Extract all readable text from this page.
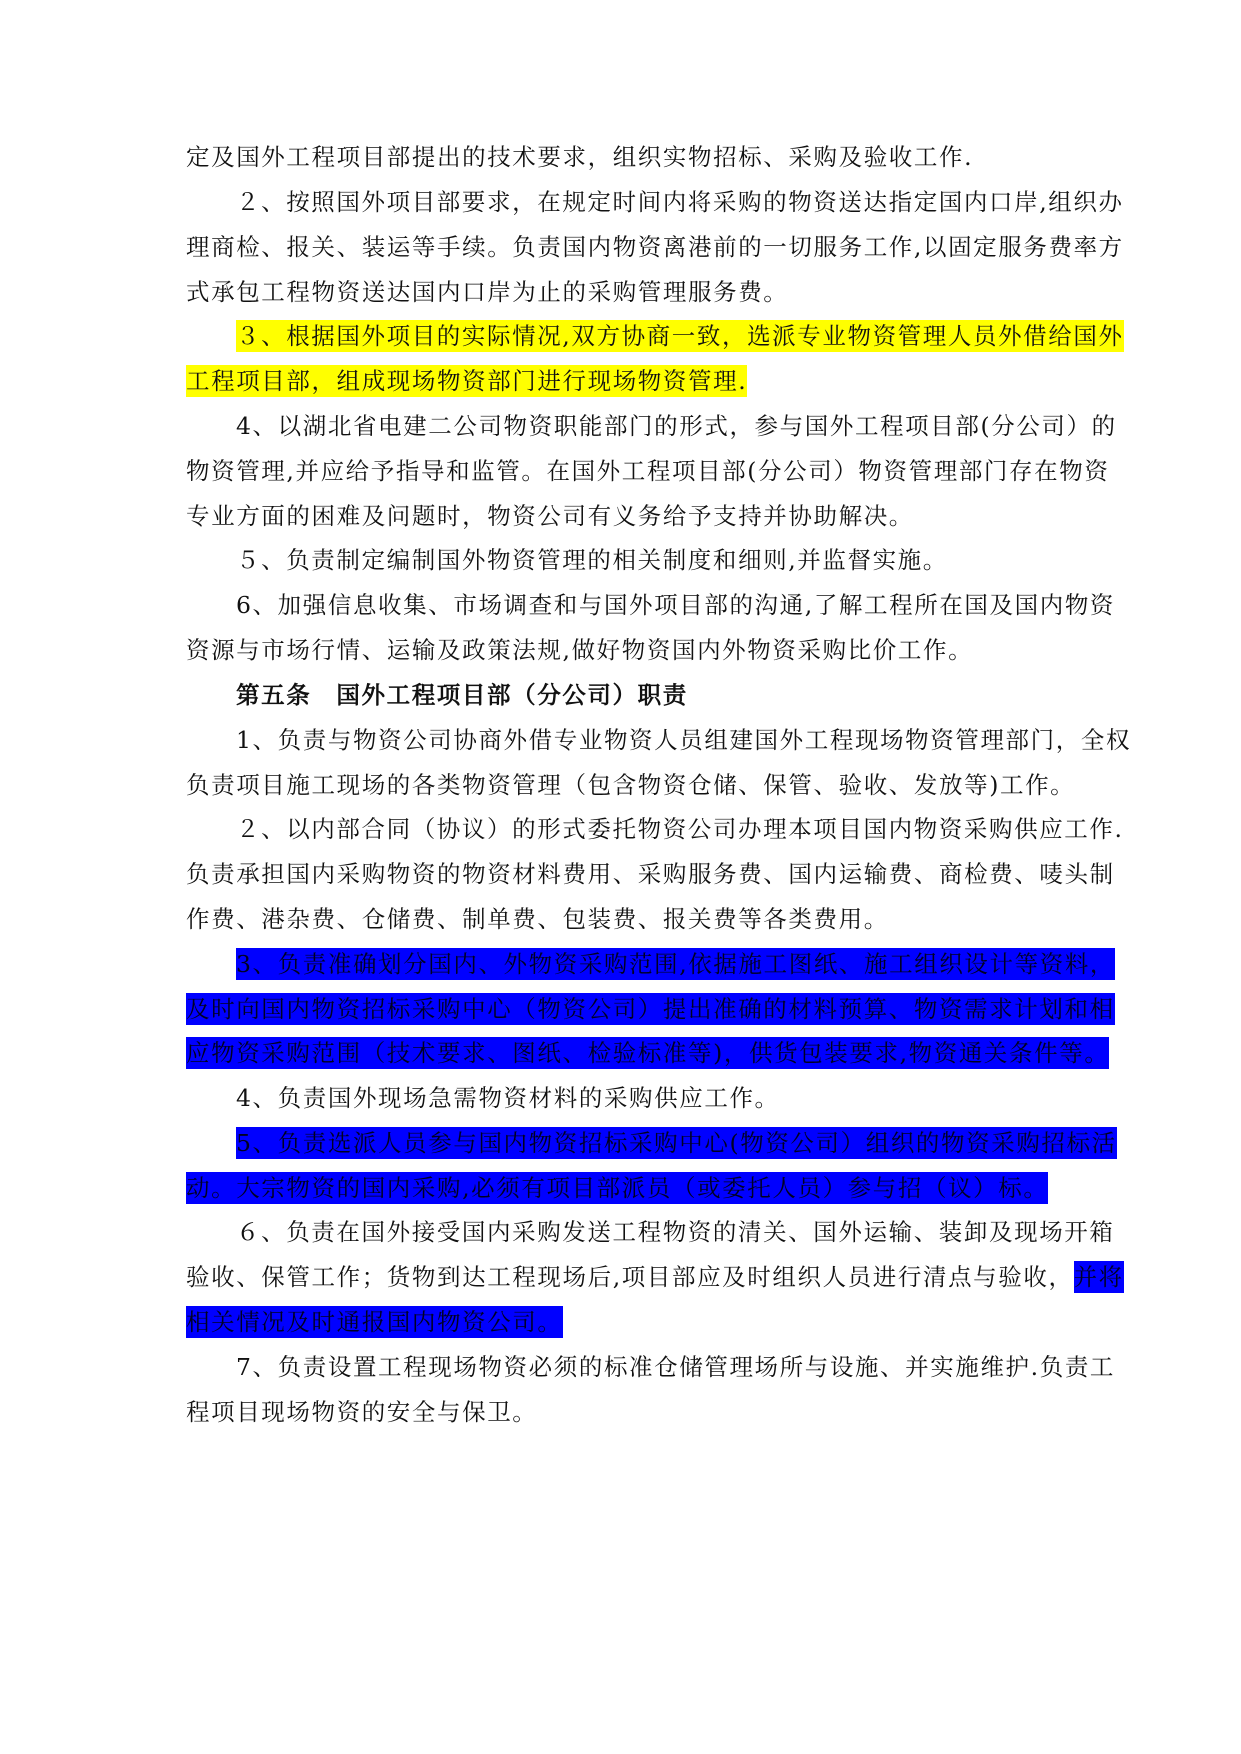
定及国外工程项目部提出的技术要求，组织实物招标、采购及验收工作.
２、按照国外项目部要求，在规定时间内将采购的物资送达指定国内口岸,组织办
理商检、报关、装运等手续。负责国内物资离港前的一切服务工作,以固定服务费率方
式承包工程物资送达国内口岸为止的采购管理服务费。
３、根据国外项目的实际情况,双方协商一致，选派专业物资管理人员外借给国外
工程项目部，组成现场物资部门进行现场物资管理.
4、以湖北省电建二公司物资职能部门的形式，参与国外工程项目部(分公司）的
物资管理,并应给予指导和监管。在国外工程项目部(分公司）物资管理部门存在物资
专业方面的困难及问题时，物资公司有义务给予支持并协助解决。
５、负责制定编制国外物资管理的相关制度和细则,并监督实施。
6、加强信息收集、市场调查和与国外项目部的沟通,了解工程所在国及国内物资
资源与市场行情、运输及政策法规,做好物资国内外物资采购比价工作。
第五条　国外工程项目部（分公司）职责
1、负责与物资公司协商外借专业物资人员组建国外工程现场物资管理部门，全权
负责项目施工现场的各类物资管理（包含物资仓储、保管、验收、发放等)工作。
２、以内部合同（协议）的形式委托物资公司办理本项目国内物资采购供应工作.
负责承担国内采购物资的物资材料费用、采购服务费、国内运输费、商检费、唛头制
作费、港杂费、仓储费、制单费、包装费、报关费等各类费用。
3、负责准确划分国内、外物资采购范围,依据施工图纸、施工组织设计等资料，
及时向国内物资招标采购中心（物资公司）提出准确的材料预算、物资需求计划和相
应物资采购范围（技术要求、图纸、检验标准等)，供货包装要求,物资通关条件等。
4、负责国外现场急需物资材料的采购供应工作。
5、负责选派人员参与国内物资招标采购中心(物资公司）组织的物资采购招标活
动。大宗物资的国内采购,必须有项目部派员（或委托人员）参与招（议）标。
６、负责在国外接受国内采购发送工程物资的清关、国外运输、装卸及现场开箱
验收、保管工作；货物到达工程现场后,项目部应及时组织人员进行清点与验收，并将
相关情况及时通报国内物资公司。
7、负责设置工程现场物资必须的标准仓储管理场所与设施、并实施维护.负责工
程项目现场物资的安全与保卫。
